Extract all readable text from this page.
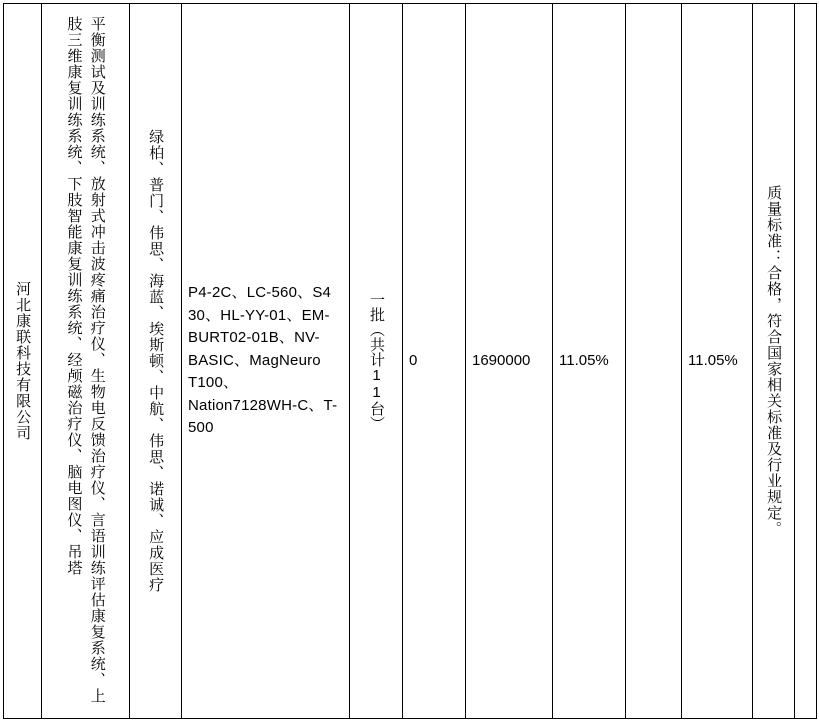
河北康联科技有限公司	平衡测试及训练系统、放射式冲击波疼痛治疗仪、生物电反馈治疗仪、言语训练评估康复系统、上肢三维康复训练系统、下肢智能康复训练系统、经颅磁治疗仪、脑电图仪、吊塔	绿柏、普门、伟思、海蓝、埃斯顿、中航、伟思、诺诚、应成医疗	P4-2C、LC-560、S4 30、HL-YY-01、EM-BURT02-01B、NV-BASIC、MagNeuro T100、Nation7128WH-C、T-500	一批（共计11台）	0	1690000	11.05%		11.05%	质量标准：合格，符合国家相关标准及行业规定。
